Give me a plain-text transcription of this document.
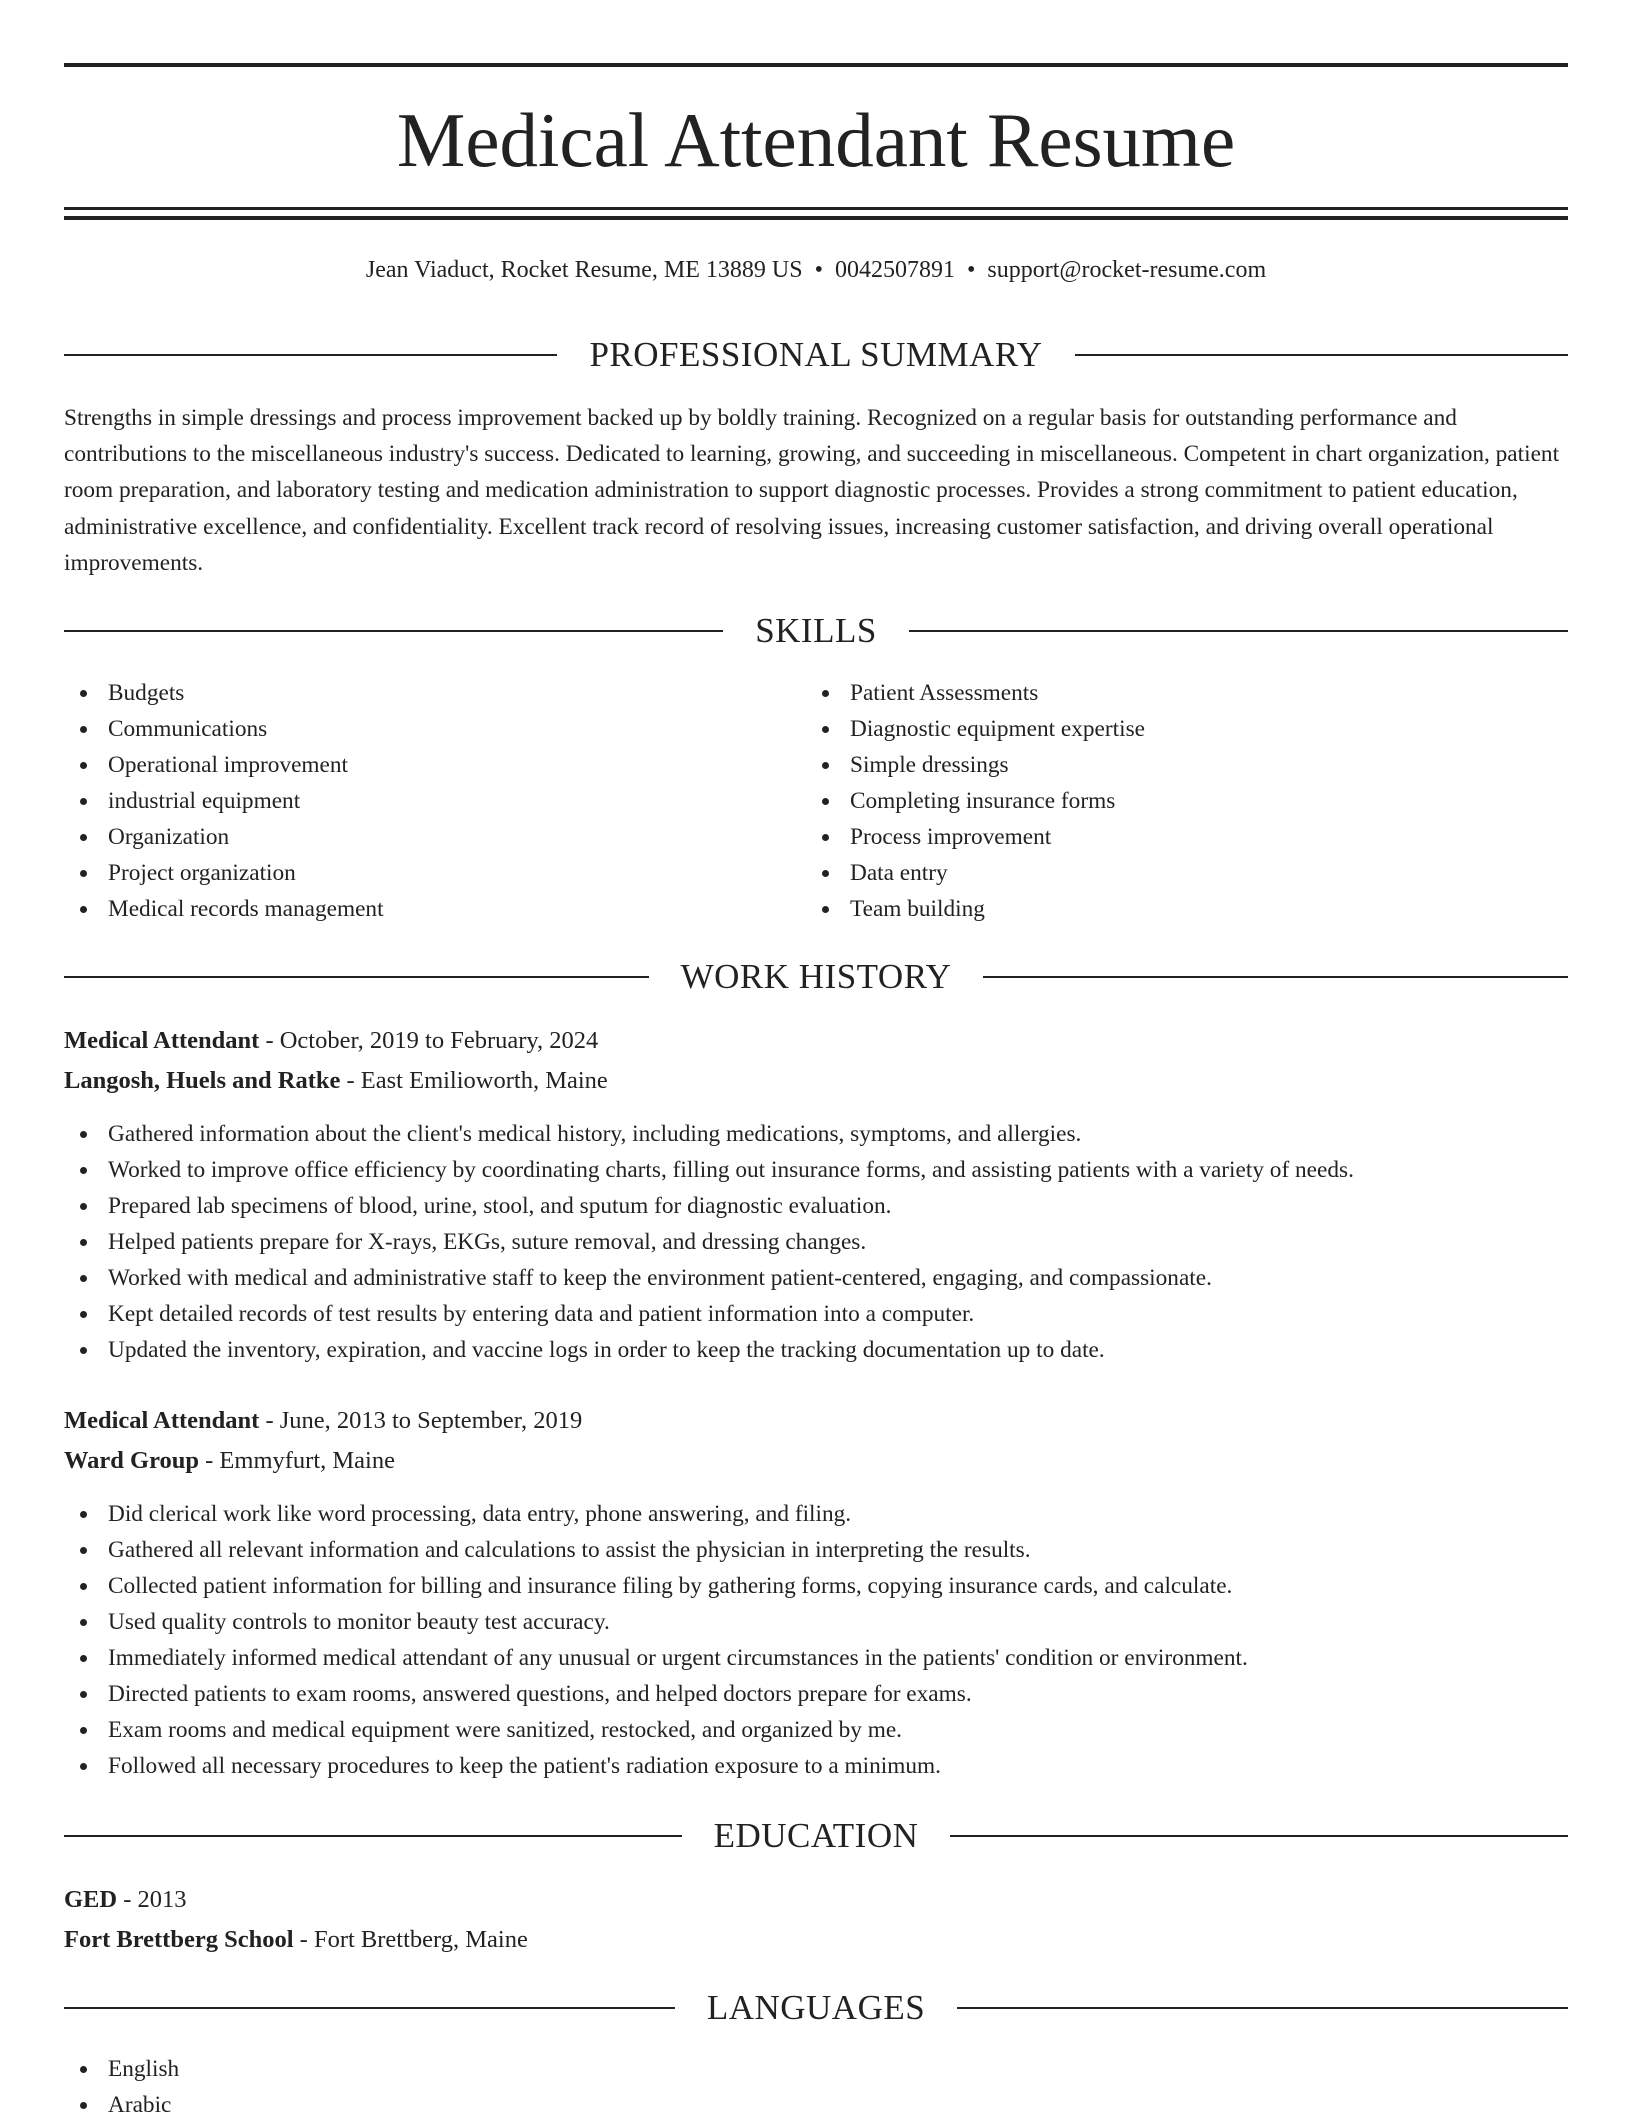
Medical Attendant Resume
Jean Viaduct, Rocket Resume, ME 13889 US • 0042507891 • support@rocket-resume.com
PROFESSIONAL SUMMARY

Strengths in simple dressings and process improvement backed up by boldly training. Recognized on a regular basis for outstanding performance and contributions to the miscellaneous industry's success. Dedicated to learning, growing, and succeeding in miscellaneous. Competent in chart organization, patient room preparation, and laboratory testing and medication administration to support diagnostic processes. Provides a strong commitment to patient education, administrative excellence, and confidentiality. Excellent track record of resolving issues, increasing customer satisfaction, and driving overall operational improvements.

SKILLS
Budgets
Communications
Operational improvement
industrial equipment
Organization
Project organization
Medical records management
Patient Assessments
Diagnostic equipment expertise
Simple dressings
Completing insurance forms
Process improvement
Data entry
Team building
WORK HISTORY
Medical Attendant - October, 2019 to February, 2024
Langosh, Huels and Ratke - East Emilioworth, Maine
Gathered information about the client's medical history, including medications, symptoms, and allergies.
Worked to improve office efficiency by coordinating charts, filling out insurance forms, and assisting patients with a variety of needs.
Prepared lab specimens of blood, urine, stool, and sputum for diagnostic evaluation.
Helped patients prepare for X-rays, EKGs, suture removal, and dressing changes.
Worked with medical and administrative staff to keep the environment patient-centered, engaging, and compassionate.
Kept detailed records of test results by entering data and patient information into a computer.
Updated the inventory, expiration, and vaccine logs in order to keep the tracking documentation up to date.
Medical Attendant - June, 2013 to September, 2019
Ward Group - Emmyfurt, Maine
Did clerical work like word processing, data entry, phone answering, and filing.
Gathered all relevant information and calculations to assist the physician in interpreting the results.
Collected patient information for billing and insurance filing by gathering forms, copying insurance cards, and calculate.
Used quality controls to monitor beauty test accuracy.
Immediately informed medical attendant of any unusual or urgent circumstances in the patients' condition or environment.
Directed patients to exam rooms, answered questions, and helped doctors prepare for exams.
Exam rooms and medical equipment were sanitized, restocked, and organized by me.
Followed all necessary procedures to keep the patient's radiation exposure to a minimum.
EDUCATION
GED - 2013
Fort Brettberg School - Fort Brettberg, Maine
LANGUAGES
English
Arabic
